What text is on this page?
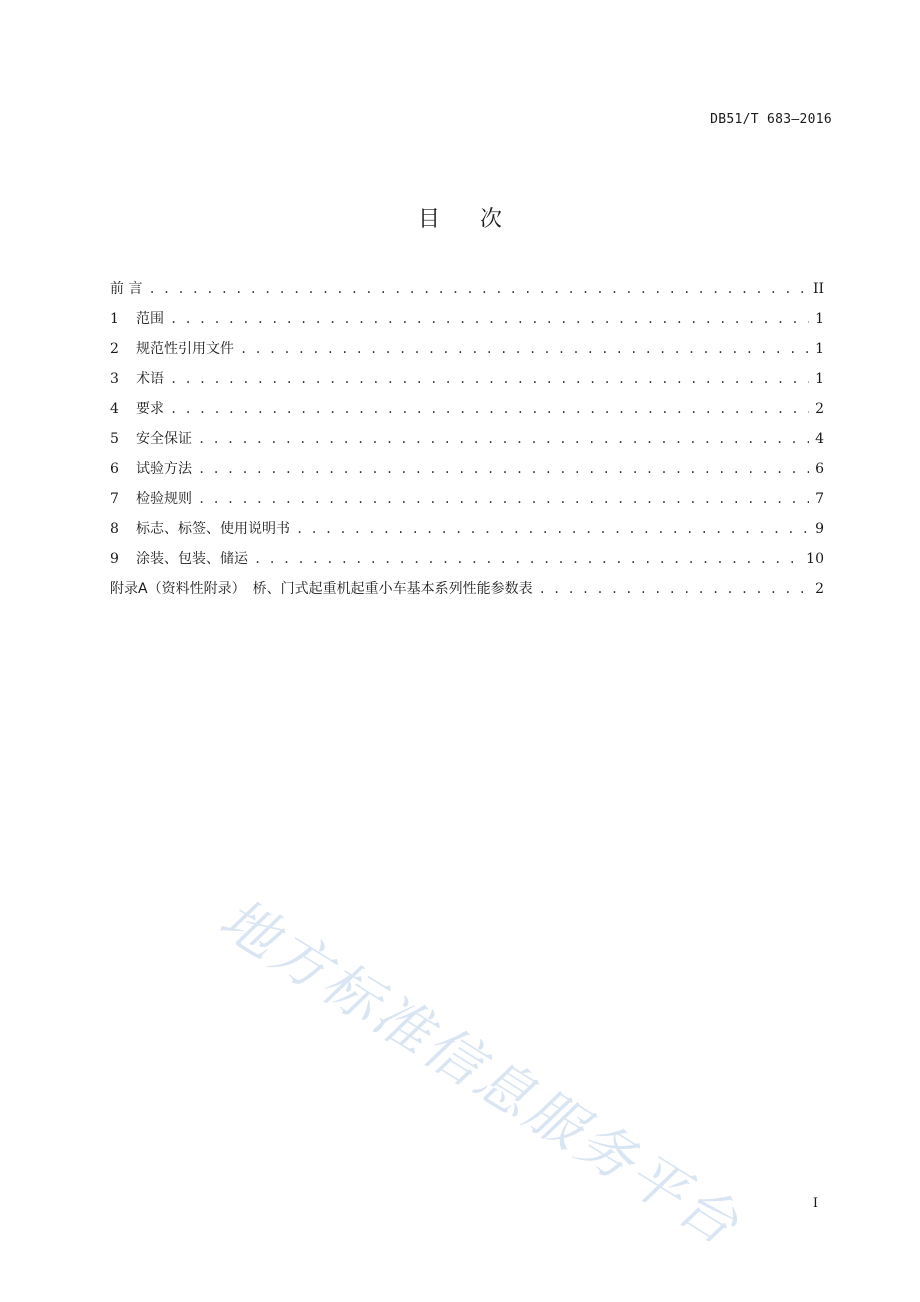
DB51/T 683—2016
目 次
前 言 . . .	II
1 范围 . . .	1
2 规范性引用文件 . . .	1
3 术语 . . .	1
4 要求 . . .	2
5 安全保证 . . .	4
6 试验方法 . . .	6
7 检验规则 . . .	7
8 标志、标签、使用说明书 . . .	9
9 涂装、包装、储运 . . .	10
附录A（资料性附录）　桥、门式起重机起重小车基本系列性能参数表 . . .	2
地方标准信息服务平台	I
